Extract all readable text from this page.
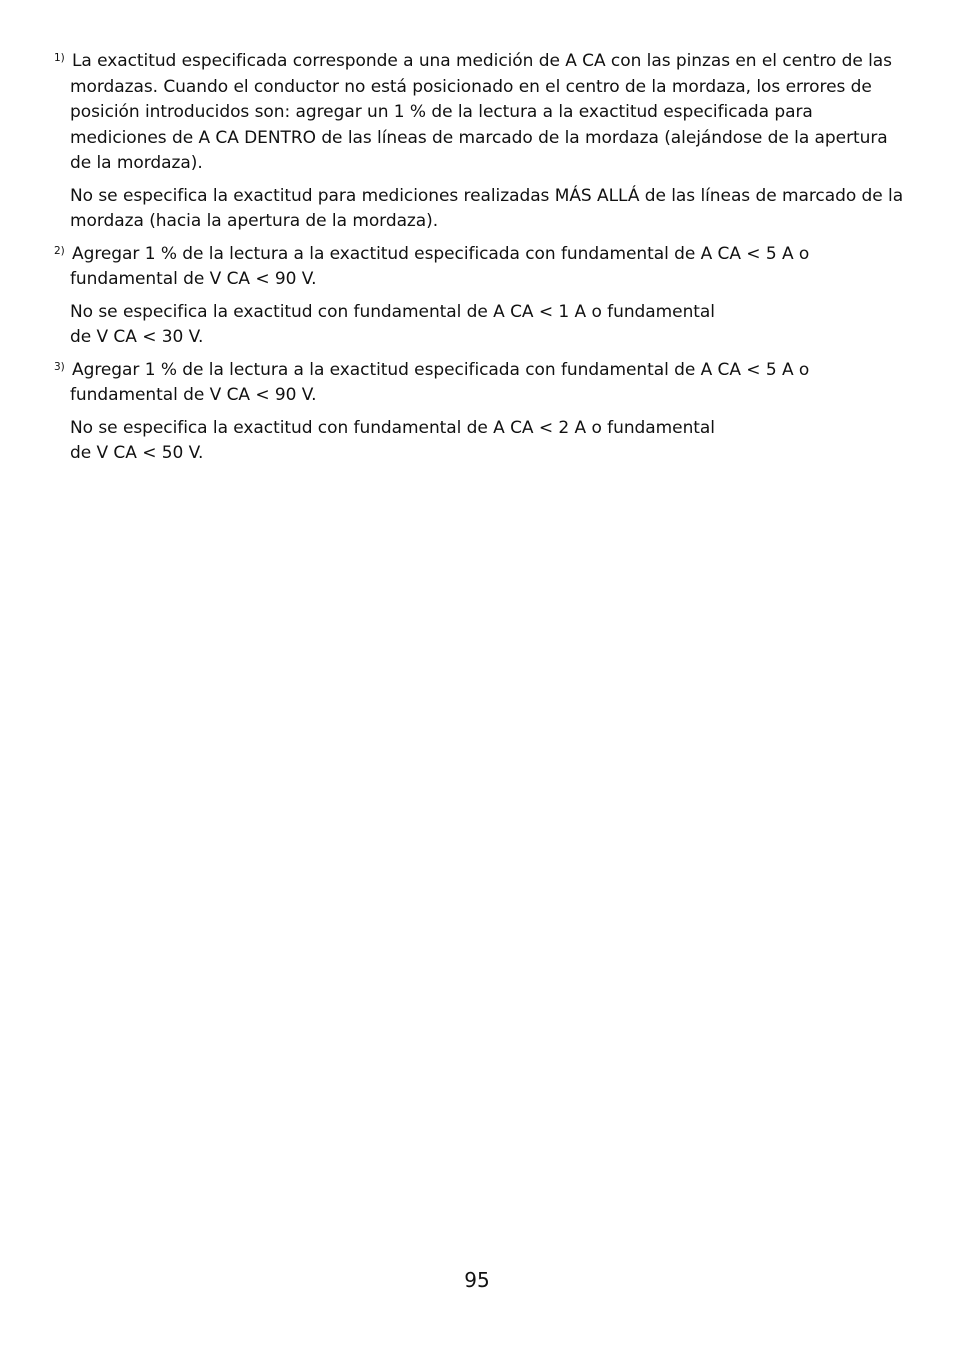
1) La exactitud especificada corresponde a una medición de A CA con las pinzas en el centro de las mordazas. Cuando el conductor no está posicionado en el centro de la mordaza, los errores de posición introducidos son: agregar un 1 % de la lectura a la exactitud especificada para mediciones de A CA DENTRO de las líneas de marcado de la mordaza (alejándose de la apertura de la mordaza).

No se especifica la exactitud para mediciones realizadas MÁS ALLÁ de las líneas de marcado de la mordaza (hacia la apertura de la mordaza).

2) Agregar 1 % de la lectura a la exactitud especificada con fundamental de A CA < 5 A o fundamental de V CA < 90 V.

No se especifica la exactitud con fundamental de A CA < 1 A o fundamental
de V CA < 30 V.

3) Agregar 1 % de la lectura a la exactitud especificada con fundamental de A CA < 5 A o fundamental de V CA < 90 V.

No se especifica la exactitud con fundamental de A CA < 2 A o fundamental
de V CA < 50 V.

95
